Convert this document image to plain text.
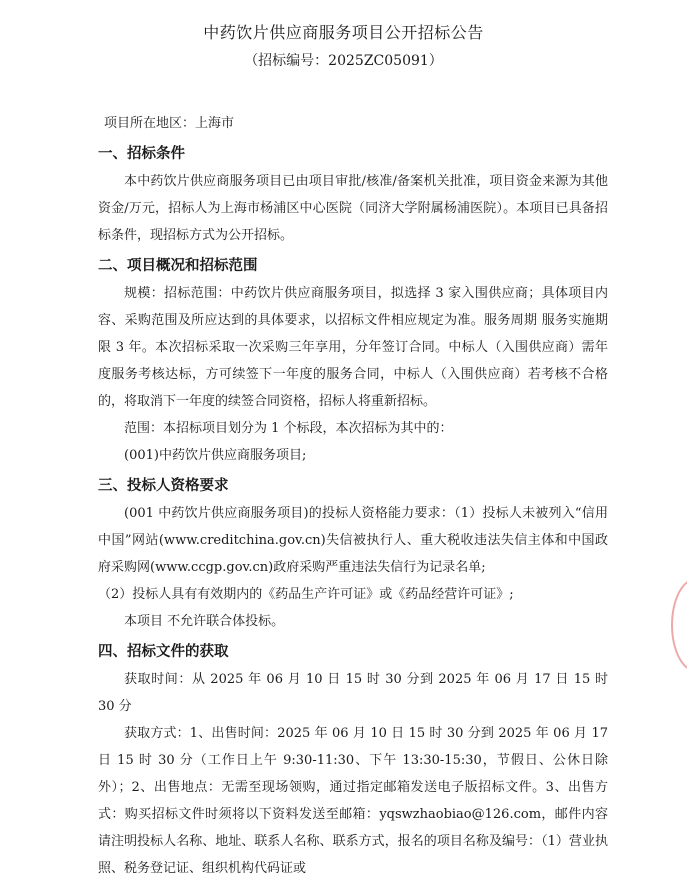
中药饮片供应商服务项目公开招标公告
（招标编号：2025ZC05091）

项目所在地区：上海市

一、招标条件

本中药饮片供应商服务项目已由项目审批/核准/备案机关批准，项目资金来源为其他资金/万元，招标人为上海市杨浦区中心医院（同济大学附属杨浦医院）。本项目已具备招标条件，现招标方式为公开招标。

二、项目概况和招标范围

规模：招标范围：中药饮片供应商服务项目，拟选择 3 家入围供应商；具体项目内容、采购范围及所应达到的具体要求，以招标文件相应规定为准。服务周期 服务实施期限 3 年。本次招标采取一次采购三年享用，分年签订合同。中标人（入围供应商）需年度服务考核达标，方可续签下一年度的服务合同，中标人（入围供应商）若考核不合格的，将取消下一年度的续签合同资格，招标人将重新招标。

范围：本招标项目划分为 1 个标段，本次招标为其中的：

(001)中药饮片供应商服务项目;

三、投标人资格要求

(001 中药饮片供应商服务项目)的投标人资格能力要求：（1）投标人未被列入“信用中国”网站(www.creditchina.gov.cn)失信被执行人、重大税收违法失信主体和中国政府采购网(www.ccgp.gov.cn)政府采购严重违法失信行为记录名单;

（2）投标人具有有效期内的《药品生产许可证》或《药品经营许可证》;

本项目 不允许联合体投标。

四、招标文件的获取

获取时间：从 2025 年 06 月 10 日 15 时 30 分到 2025 年 06 月 17 日 15 时 30 分

获取方式：1、出售时间：2025 年 06 月 10 日 15 时 30 分到 2025 年 06 月 17 日 15 时 30 分（工作日上午 9:30-11:30、下午 13:30-15:30，节假日、公休日除外）；2、出售地点：无需至现场领购，通过指定邮箱发送电子版招标文件。3、出售方式：购买招标文件时须将以下资料发送至邮箱：yqswzhaobiao@126.com，邮件内容请注明投标人名称、地址、联系人名称、联系方式，报名的项目名称及编号：（1）营业执照、税务登记证、组织机构代码证或
